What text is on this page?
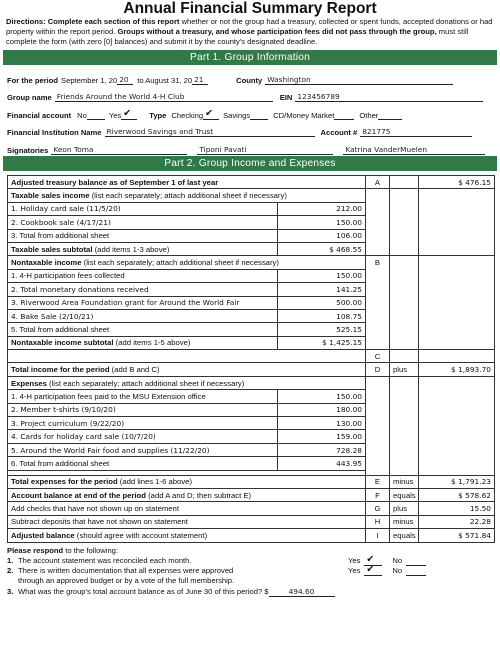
Annual Financial Summary Report
Directions: Complete each section of this report whether or not the group had a treasury, collected or spent funds, accepted donations or had property within the report period. Groups without a treasury, and whose participation fees did not pass through the group, must still complete the form (with zero [0] balances) and submit it by the county's designated deadline.
Part 1. Group Information
For the period September 1, 20 20	to August 31, 20 21	County Washington
Group name Friends Around the World 4-H Club	EIN 123456789
Financial account No	Yes ✔	Type Checking ✔	Savings	CD/Money Market	Other
Financial Institution Name Riverwood Savings and Trust	Account # 821775
Signatories Keon Toma	Tiponi Pavati	Katrina VanderMuelen
Part 2. Group Income and Expenses
Adjusted treasury balance as of September 1 of last year		A		$ 476.15
Taxable sales income (list each separately; attach additional sheet if necessary)				
1. Holiday card sale (11/5/20)	212.00			
2. Cookbook sale (4/17/21)	150.00			
3. Total from additional sheet	106.00			
Taxable sales subtotal (add items 1-3 above)	$ 468.55			
Nontaxable income (list each separately; attach additional sheet if necessary)		B		
1. 4-H participation fees collected	150.00			
2. Total monetary donations received	141.25			
3. Riverwood Area Foundation grant for Around the World Fair	500.00			
4. Bake Sale (2/10/21)	108.75			
5. Total from additional sheet	525.15			
Nontaxable income subtotal (add items 1-5 above)	$ 1,425.15			
		C		
Total income for the period (add B and C)		D	plus	$ 1,893.70
Expenses (list each separately; attach additional sheet if necessary)				
1. 4-H participation fees paid to the MSU Extension office	150.00			
2. Member t-shirts (9/10/20)	180.00			
3. Project curriculum (9/22/20)	130.00			
4. Cards for holiday card sale (10/7/20)	159.00			
5. Around the World Fair food and supplies (11/22/20)	728.28			
6. Total from additional sheet	443.95			

Total expenses for the period (add lines 1-6 above)		E	minus	$ 1,791.23
Account balance at end of the period (add A and D; then subtract E)		F	equals	$ 578.62
Add checks that have not shown up on statement		G	plus	15.50
Subtract deposits that have not shown on statement		H	minus	22.28
Adjusted balance (should agree with account statement)		I	equals	$ 571.84
Please respond to the following:
1. The account statement was reconciled each month.	Yes ✔	No
2. There is written documentation that all expenses were approved	Yes ✔	No
through an approved budget or by a vote of the full membership.
3. What was the group's total account balance as of June 30 of this period? $	494.60
